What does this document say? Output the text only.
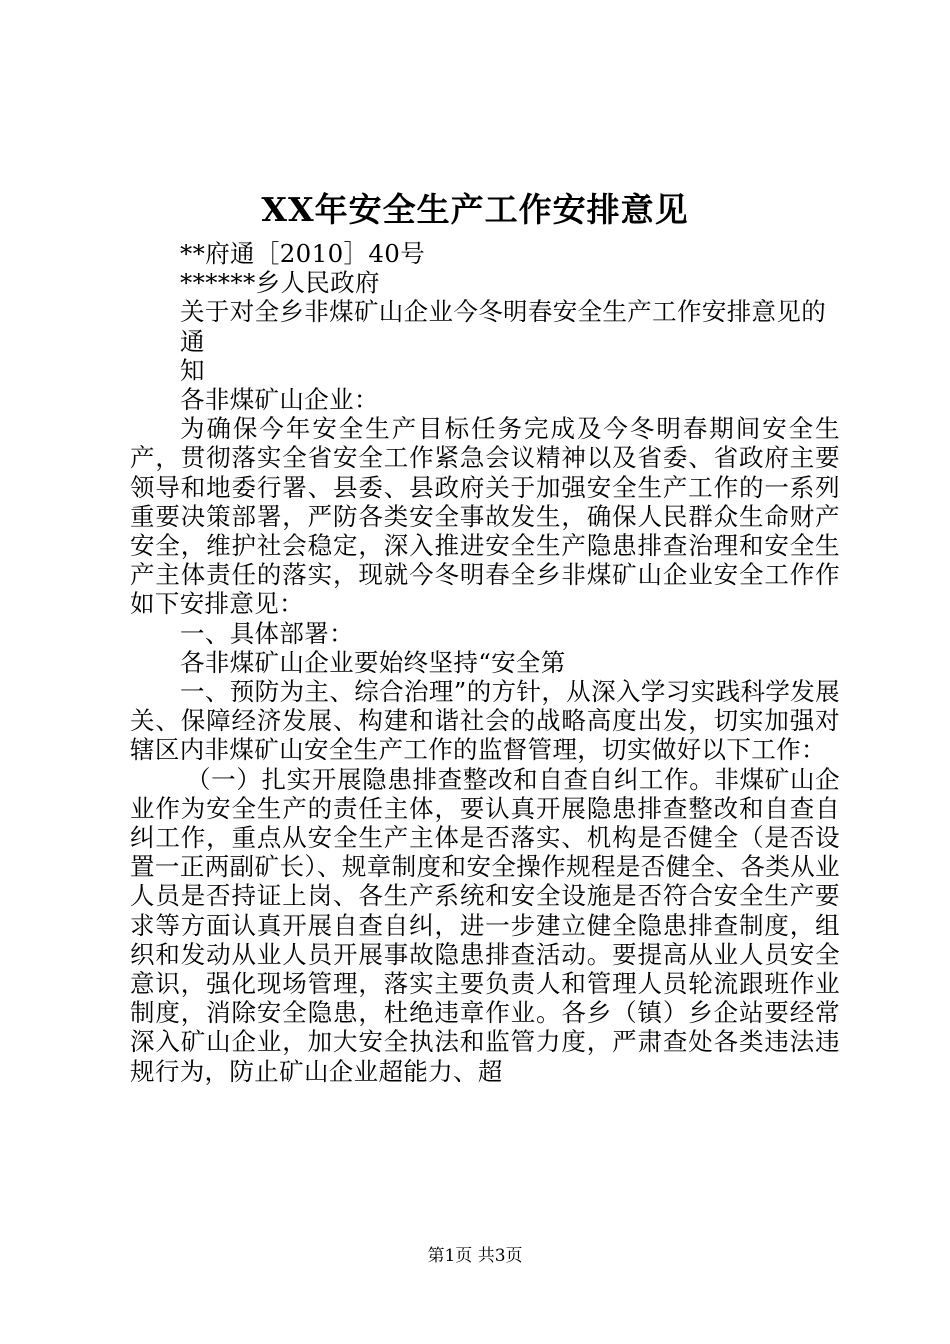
XX年安全生产工作安排意见

**府通［2010］40号

******乡人民政府

关于对全乡非煤矿山企业今冬明春安全生产工作安排意见的

通

知

各非煤矿山企业：

为确保今年安全生产目标任务完成及今冬明春期间安全生产，贯彻落实全省安全工作紧急会议精神以及省委、省政府主要领导和地委行署、县委、县政府关于加强安全生产工作的一系列重要决策部署，严防各类安全事故发生，确保人民群众生命财产安全，维护社会稳定，深入推进安全生产隐患排查治理和安全生产主体责任的落实，现就今冬明春全乡非煤矿山企业安全工作作如下安排意见：

一、具体部署：

各非煤矿山企业要始终坚持“安全第

一、预防为主、综合治理”的方针，从深入学习实践科学发展关、保障经济发展、构建和谐社会的战略高度出发，切实加强对辖区内非煤矿山安全生产工作的监督管理，切实做好以下工作：

（一）扎实开展隐患排查整改和自查自纠工作。非煤矿山企业作为安全生产的责任主体，要认真开展隐患排查整改和自查自纠工作，重点从安全生产主体是否落实、机构是否健全（是否设置一正两副矿长）、规章制度和安全操作规程是否健全、各类从业人员是否持证上岗、各生产系统和安全设施是否符合安全生产要求等方面认真开展自查自纠，进一步建立健全隐患排查制度，组织和发动从业人员开展事故隐患排查活动。要提高从业人员安全意识，强化现场管理，落实主要负责人和管理人员轮流跟班作业制度，消除安全隐患，杜绝违章作业。各乡（镇）乡企站要经常深入矿山企业，加大安全执法和监管力度，严肃查处各类违法违规行为，防止矿山企业超能力、超

第1页 共3页
